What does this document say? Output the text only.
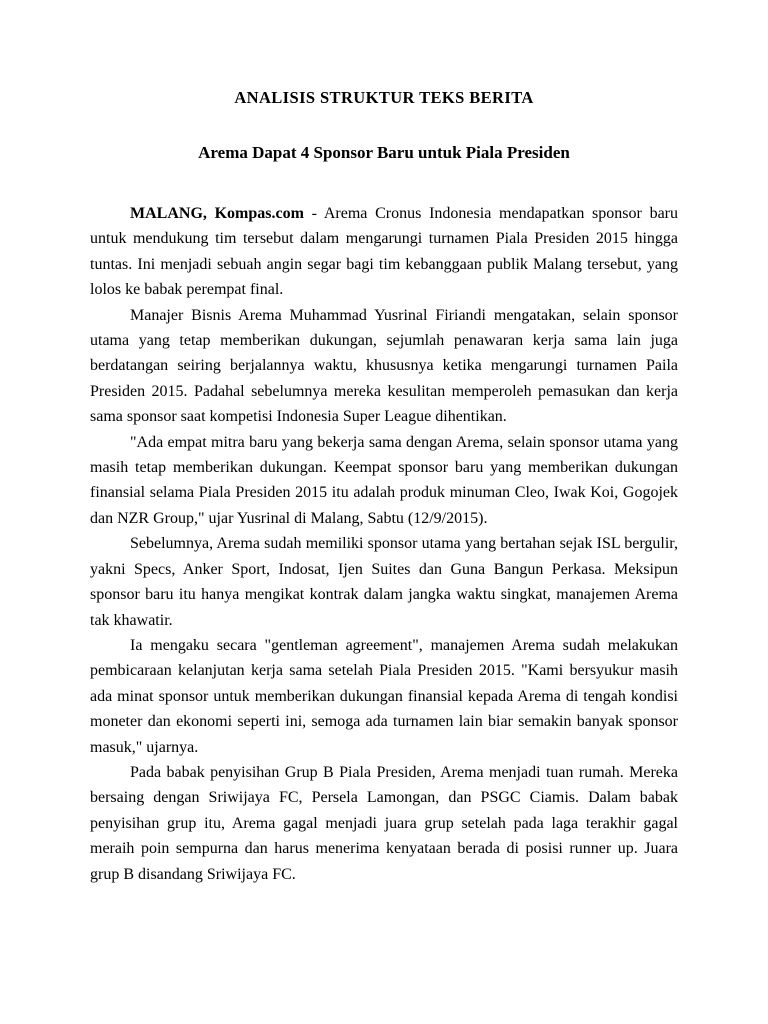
ANALISIS STRUKTUR TEKS BERITA
Arema Dapat 4 Sponsor Baru untuk Piala Presiden

MALANG, Kompas.com - Arema Cronus Indonesia mendapatkan sponsor baru untuk mendukung tim tersebut dalam mengarungi turnamen Piala Presiden 2015 hingga tuntas. Ini menjadi sebuah angin segar bagi tim kebanggaan publik Malang tersebut, yang lolos ke babak perempat final.

Manajer Bisnis Arema Muhammad Yusrinal Firiandi mengatakan, selain sponsor utama yang tetap memberikan dukungan, sejumlah penawaran kerja sama lain juga berdatangan seiring berjalannya waktu, khususnya ketika mengarungi turnamen Paila Presiden 2015. Padahal sebelumnya mereka kesulitan memperoleh pemasukan dan kerja sama sponsor saat kompetisi Indonesia Super League dihentikan.

"Ada empat mitra baru yang bekerja sama dengan Arema, selain sponsor utama yang masih tetap memberikan dukungan. Keempat sponsor baru yang memberikan dukungan finansial selama Piala Presiden 2015 itu adalah produk minuman Cleo, Iwak Koi, Gogojek dan NZR Group," ujar Yusrinal di Malang, Sabtu (12/9/2015).

Sebelumnya, Arema sudah memiliki sponsor utama yang bertahan sejak ISL bergulir, yakni Specs, Anker Sport, Indosat, Ijen Suites dan Guna Bangun Perkasa. Meksipun sponsor baru itu hanya mengikat kontrak dalam jangka waktu singkat, manajemen Arema tak khawatir.

Ia mengaku secara "gentleman agreement", manajemen Arema sudah melakukan pembicaraan kelanjutan kerja sama setelah Piala Presiden 2015. "Kami bersyukur masih ada minat sponsor untuk memberikan dukungan finansial kepada Arema di tengah kondisi moneter dan ekonomi seperti ini, semoga ada turnamen lain biar semakin banyak sponsor masuk," ujarnya.

Pada babak penyisihan Grup B Piala Presiden, Arema menjadi tuan rumah. Mereka bersaing dengan Sriwijaya FC, Persela Lamongan, dan PSGC Ciamis. Dalam babak penyisihan grup itu, Arema gagal menjadi juara grup setelah pada laga terakhir gagal meraih poin sempurna dan harus menerima kenyataan berada di posisi runner up. Juara grup B disandang Sriwijaya FC.
